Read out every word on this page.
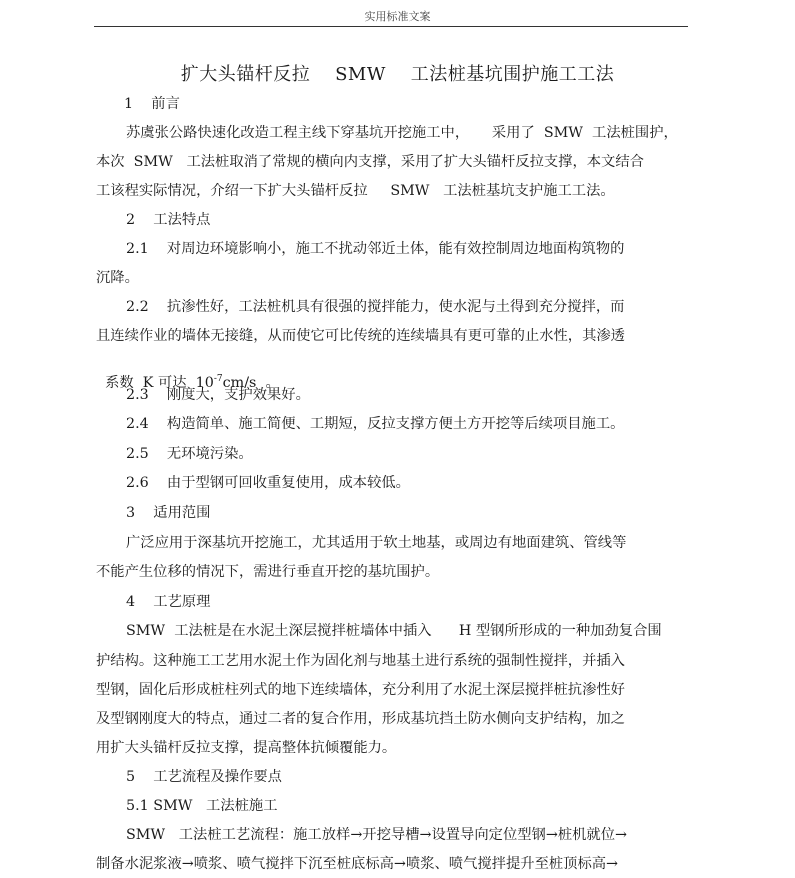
实用标准文案
扩大头锚杆反拉    SMW    工法桩基坑围护施工工法
1    前言
苏虞张公路快速化改造工程主线下穿基坑开挖施工中，     采用了  SMW  工法桩围护，
本次  SMW   工法桩取消了常规的横向内支撑，采用了扩大头锚杆反拉支撑，本文结合
工该程实际情况，介绍一下扩大头锚杆反拉     SMW   工法桩基坑支护施工工法。
2    工法特点
2.1    对周边环境影响小，施工不扰动邻近土体，能有效控制周边地面构筑物的
沉降。
2.2    抗渗性好，工法桩机具有很强的搅拌能力，使水泥与土得到充分搅拌，而
且连续作业的墙体无接缝，从而使它可比传统的连续墙具有更可靠的止水性，其渗透

系数  K 可达  $10^{-7}cm/s$  。

2.3    刚度大，支护效果好。
2.4    构造简单、施工简便、工期短，反拉支撑方便土方开挖等后续项目施工。
2.5    无环境污染。
2.6    由于型钢可回收重复使用，成本较低。
3    适用范围
广泛应用于深基坑开挖施工，尤其适用于软土地基，或周边有地面建筑、管线等
不能产生位移的情况下，需进行垂直开挖的基坑围护。
4    工艺原理
SMW  工法桩是在水泥土深层搅拌桩墙体中插入      H 型钢所形成的一种加劲复合围
护结构。这种施工工艺用水泥土作为固化剂与地基土进行系统的强制性搅拌，并插入
型钢，固化后形成桩柱列式的地下连续墙体，充分利用了水泥土深层搅拌桩抗渗性好
及型钢刚度大的特点，通过二者的复合作用，形成基坑挡土防水侧向支护结构，加之
用扩大头锚杆反拉支撑，提高整体抗倾覆能力。
5    工艺流程及操作要点
5.1 SMW   工法桩施工
SMW   工法桩工艺流程：施工放样→开挖导槽→设置导向定位型钢→桩机就位→
制备水泥浆液→喷浆、喷气搅拌下沉至桩底标高→喷浆、喷气搅拌提升至桩顶标高→
